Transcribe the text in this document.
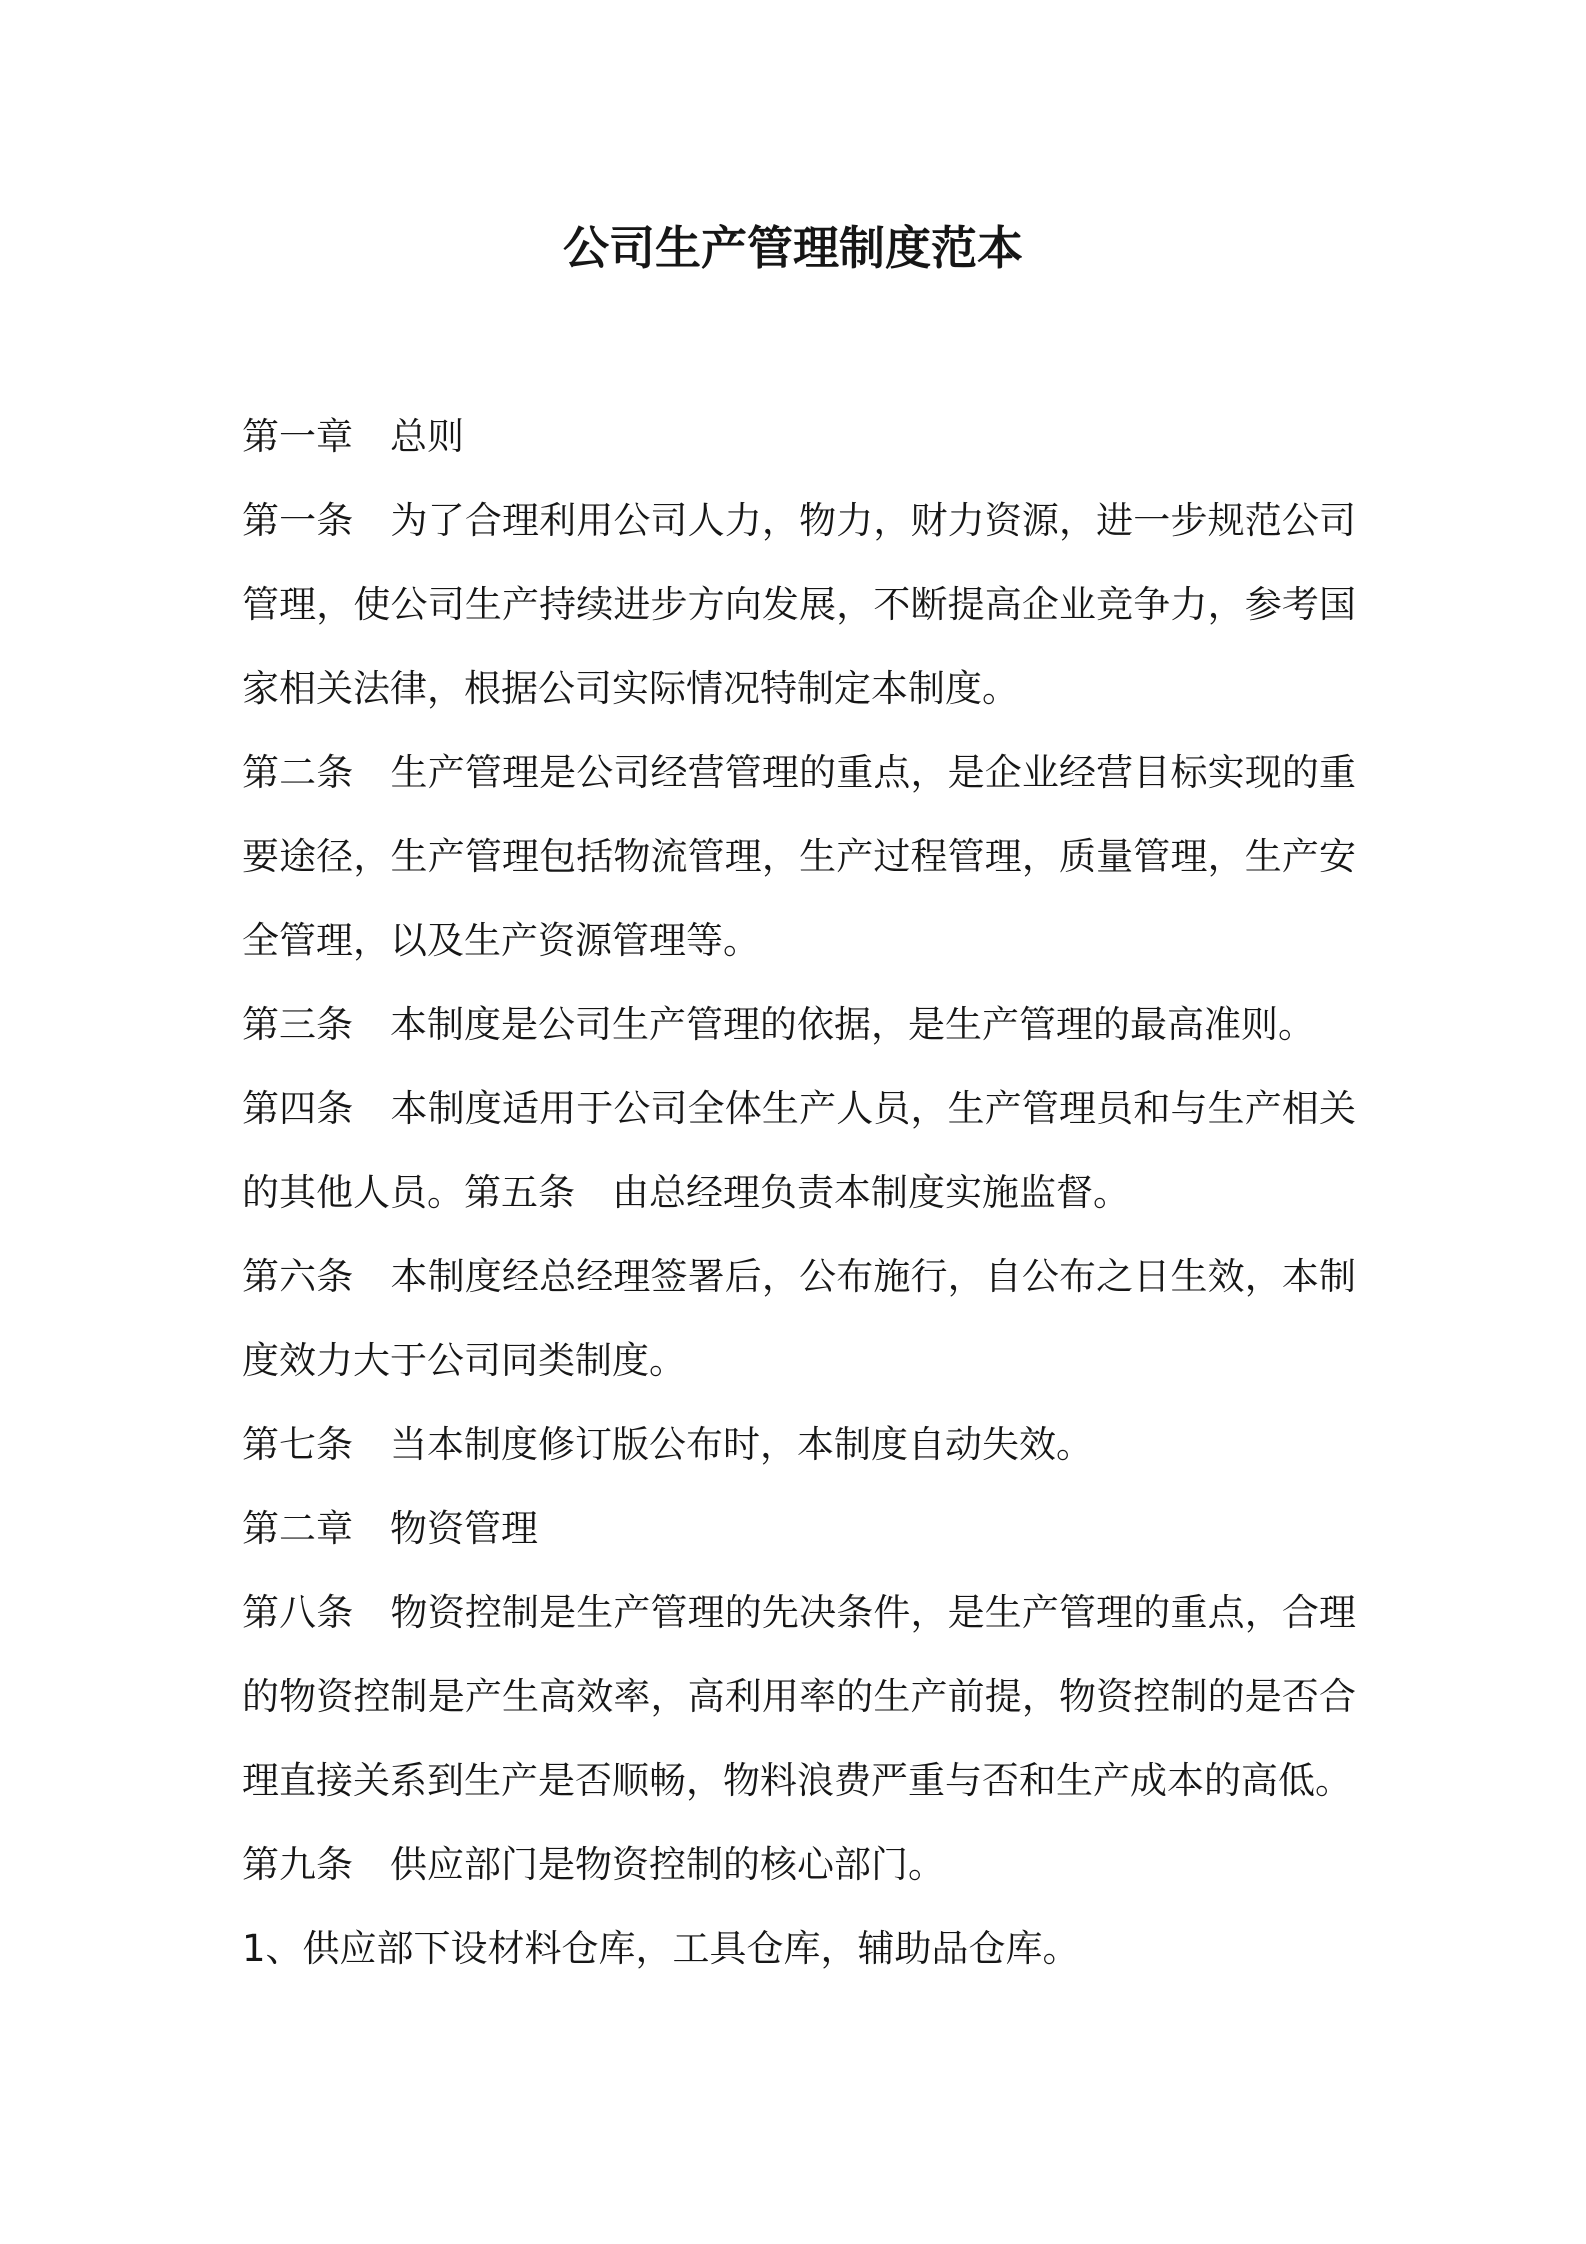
公司生产管理制度范本
第一章　总则
第一条　为了合理利用公司人力，物力，财力资源，进一步规范公司
管理，使公司生产持续进步方向发展，不断提高企业竞争力，参考国
家相关法律，根据公司实际情况特制定本制度。
第二条　生产管理是公司经营管理的重点，是企业经营目标实现的重
要途径，生产管理包括物流管理，生产过程管理，质量管理，生产安
全管理，以及生产资源管理等。
第三条　本制度是公司生产管理的依据，是生产管理的最高准则。
第四条　本制度适用于公司全体生产人员，生产管理员和与生产相关
的其他人员。第五条　由总经理负责本制度实施监督。
第六条　本制度经总经理签署后，公布施行，自公布之日生效，本制
度效力大于公司同类制度。
第七条　当本制度修订版公布时，本制度自动失效。
第二章　物资管理
第八条　物资控制是生产管理的先决条件，是生产管理的重点，合理
的物资控制是产生高效率，高利用率的生产前提，物资控制的是否合
理直接关系到生产是否顺畅，物料浪费严重与否和生产成本的高低。
第九条　供应部门是物资控制的核心部门。
1、供应部下设材料仓库，工具仓库，辅助品仓库。
